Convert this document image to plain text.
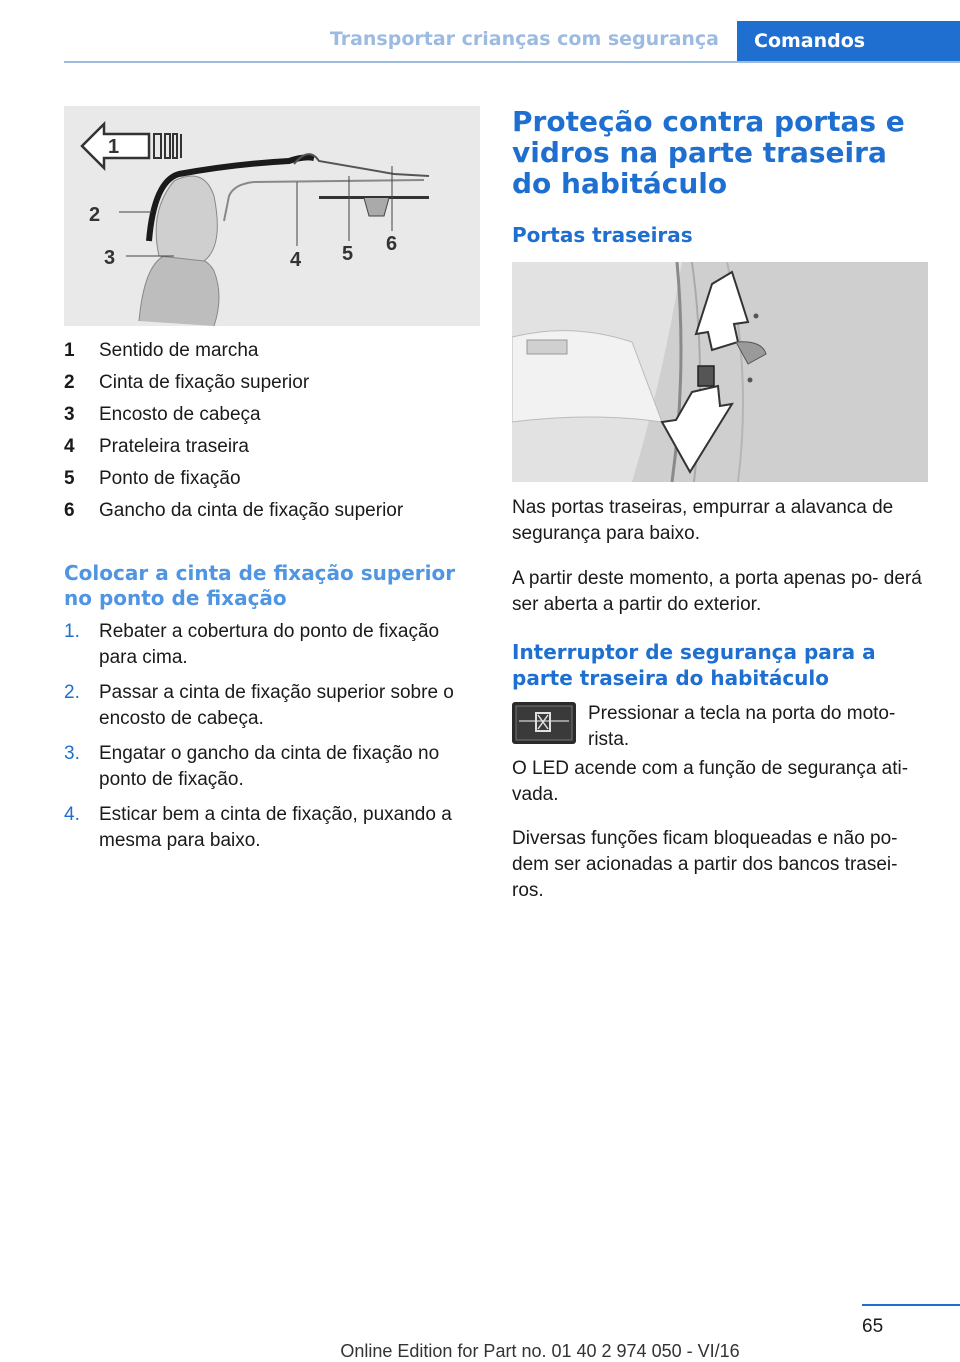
Transportar crianças com segurança	Comandos
1
2
3	4 5 6
1 Sentido de marcha
2 Cinta de fixação superior
3 Encosto de cabeça
4 Prateleira traseira
5 Ponto de fixação
6 Gancho da cinta de fixação superior
Colocar a cinta de fixação superior no ponto de fixação
1. Rebater a cobertura do ponto de fixação para cima.
2. Passar a cinta de fixação superior sobre o encosto de cabeça.
3. Engatar o gancho da cinta de fixação no ponto de fixação.
4. Esticar bem a cinta de fixação, puxando a mesma para baixo.
Proteção contra portas e vidros na parte traseira do habitáculo
Portas traseiras
Nas portas traseiras, empurrar a alavanca de segurança para baixo.
A partir deste momento, a porta apenas po‐ derá ser aberta a partir do exterior.
Interruptor de segurança para a parte traseira do habitáculo
Pressionar a tecla na porta do moto‐ rista.
O LED acende com a função de segurança ati‐ vada.
Diversas funções ficam bloqueadas e não po‐ dem ser acionadas a partir dos bancos trasei‐ ros.
65
Online Edition for Part no. 01 40 2 974 050 - VI/16
